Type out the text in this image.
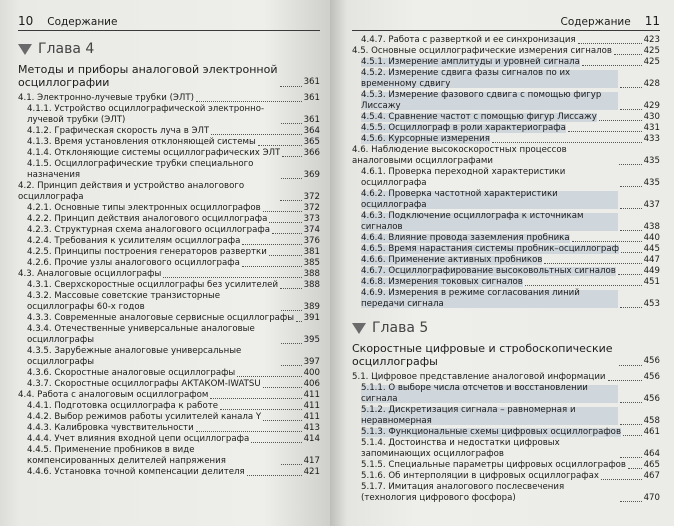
10 Содержание
Глава 4
Методы и приборы аналоговой электронной осциллографии	361
4.1. Электронно-лучевые трубки (ЭЛТ)	361
4.1.1. Устройство осциллографической электронно-лучевой трубки (ЭЛТ)	361
4.1.2. Графическая скорость луча в ЭЛТ	364
4.1.3. Время установления отклоняющей системы	365
4.1.4. Отклоняющие системы осциллографических ЭЛТ	366
4.1.5. Осциллографические трубки специального назначения	369
4.2. Принцип действия и устройство аналогового осциллографа	372
4.2.1. Основные типы электронных осциллографов	372
4.2.2. Принцип действия аналогового осциллографа	373
4.2.3. Структурная схема аналогового осциллографа	374
4.2.4. Требования к усилителям осциллографа	376
4.2.5. Принципы построения генераторов развертки	381
4.2.6. Прочие узлы аналогового осциллографа	385
4.3. Аналоговые осциллографы	388
4.3.1. Сверхскоростные осциллографы без усилителей	388
4.3.2. Массовые советские транзисторные осциллографы 60-х годов	389
4.3.3. Современные аналоговые сервисные осциллографы 391
4.3.4. Отечественные универсальные аналоговые осциллографы	395
4.3.5. Зарубежные аналоговые универсальные осциллографы	397
4.3.6. Скоростные аналоговые осциллографы	400
4.3.7. Скоростные осциллографы АКТАКОМ-IWATSU	406
4.4. Работа с аналоговым осциллографом	411
4.4.1. Подготовка осциллографа к работе	411
4.4.2. Выбор режимов работы усилителей канала Y	411
4.4.3. Калибровка чувствительности	413
4.4.4. Учет влияния входной цепи осциллографа	414
4.4.5. Применение пробников в виде компенсированных делителей напряжения	417
4.4.6. Установка точной компенсации делителя	421
Содержание 11
4.4.7. Работа с разверткой и ее синхронизация	423
4.5. Основные осциллографические измерения сигналов	425
4.5.1. Измерение амплитуды и уровней сигнала	425
4.5.2. Измерение сдвига фазы сигналов по их временному сдвигу	428
4.5.3. Измерение фазового сдвига с помощью фигур Лиссажу	429
4.5.4. Сравнение частот с помощью фигур Лиссажу	430
4.5.5. Осциллограф в роли характериографа	431
4.5.6. Курсорные измерения	433
4.6. Наблюдение высокоскоростных процессов аналоговыми осциллографами	435
4.6.1. Проверка переходной характеристики осциллографа	435
4.6.2. Проверка частотной характеристики осциллографа	437
4.6.3. Подключение осциллографа к источникам сигналов	438
4.6.4. Влияние провода заземления пробника	440
4.6.5. Время нарастания системы пробник–осциллограф	445
4.6.6. Применение активных пробников	447
4.6.7. Осциллографирование высоковольтных сигналов	449
4.6.8. Измерения токовых сигналов	451
4.6.9. Измерения в режиме согласования линий передачи сигнала	453
Глава 5
Скоростные цифровые и стробоскопические осциллографы	456
5.1. Цифровое представление аналоговой информации	456
5.1.1. О выборе числа отсчетов и восстановлении сигнала	456
5.1.2. Дискретизация сигнала – равномерная и неравномерная	458
5.1.3. Функциональные схемы цифровых осциллографов	461
5.1.4. Достоинства и недостатки цифровых запоминающих осциллографов	464
5.1.5. Специальные параметры цифровых осциллографов 465
5.1.6. Об интерполяции в цифровых осциллографах	467
5.1.7. Имитация аналогового послесвечения (технология цифрового фосфора)	470
